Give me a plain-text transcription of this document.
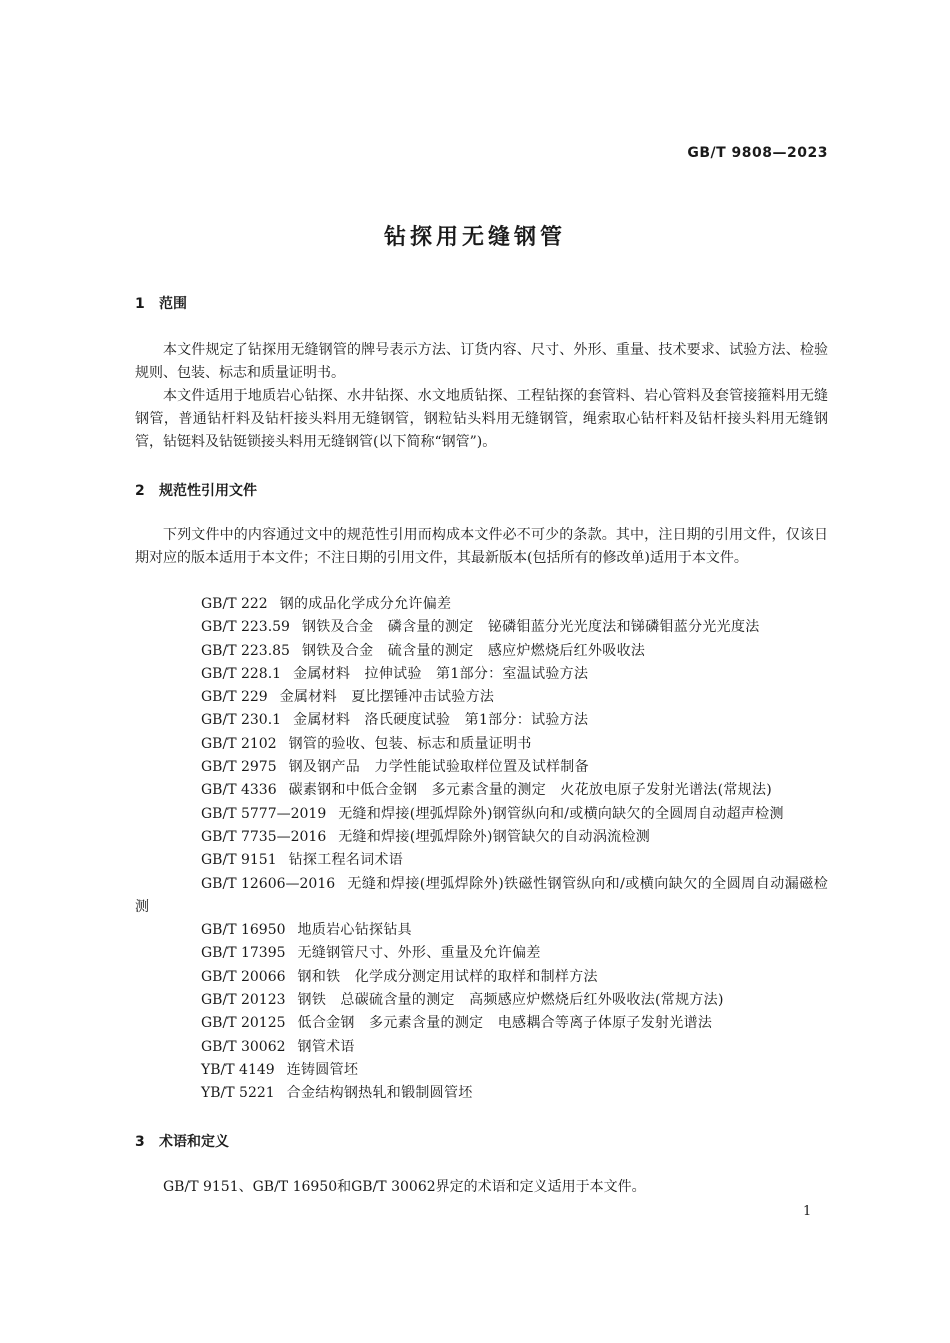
GB/T 9808—2023
钻探用无缝钢管
1 范围

本文件规定了钻探用无缝钢管的牌号表示方法、订货内容、尺寸、外形、重量、技术要求、试验方法、检验规则、包装、标志和质量证明书。

本文件适用于地质岩心钻探、水井钻探、水文地质钻探、工程钻探的套管料、岩心管料及套管接箍料用无缝钢管，普通钻杆料及钻杆接头料用无缝钢管，钢粒钻头料用无缝钢管，绳索取心钻杆料及钻杆接头料用无缝钢管，钻铤料及钻铤锁接头料用无缝钢管(以下简称“钢管”)。

2 规范性引用文件

下列文件中的内容通过文中的规范性引用而构成本文件必不可少的条款。其中，注日期的引用文件，仅该日期对应的版本适用于本文件；不注日期的引用文件，其最新版本(包括所有的修改单)适用于本文件。

GB/T 222 钢的成品化学成分允许偏差
GB/T 223.59 钢铁及合金　磷含量的测定　铋磷钼蓝分光光度法和锑磷钼蓝分光光度法
GB/T 223.85 钢铁及合金　硫含量的测定　感应炉燃烧后红外吸收法
GB/T 228.1 金属材料　拉伸试验　第1部分：室温试验方法
GB/T 229 金属材料　夏比摆锤冲击试验方法
GB/T 230.1 金属材料　洛氏硬度试验　第1部分：试验方法
GB/T 2102 钢管的验收、包装、标志和质量证明书
GB/T 2975 钢及钢产品　力学性能试验取样位置及试样制备
GB/T 4336 碳素钢和中低合金钢　多元素含量的测定　火花放电原子发射光谱法(常规法)
GB/T 5777—2019 无缝和焊接(埋弧焊除外)钢管纵向和/或横向缺欠的全圆周自动超声检测
GB/T 7735—2016 无缝和焊接(埋弧焊除外)钢管缺欠的自动涡流检测
GB/T 9151 钻探工程名词术语
GB/T 12606—2016 无缝和焊接(埋弧焊除外)铁磁性钢管纵向和/或横向缺欠的全圆周自动漏磁检测
GB/T 16950 地质岩心钻探钻具
GB/T 17395 无缝钢管尺寸、外形、重量及允许偏差
GB/T 20066 钢和铁　化学成分测定用试样的取样和制样方法
GB/T 20123 钢铁　总碳硫含量的测定　高频感应炉燃烧后红外吸收法(常规方法)
GB/T 20125 低合金钢　多元素含量的测定　电感耦合等离子体原子发射光谱法
GB/T 30062 钢管术语
YB/T 4149 连铸圆管坯
YB/T 5221 合金结构钢热轧和锻制圆管坯
3 术语和定义

GB/T 9151、GB/T 16950和GB/T 30062界定的术语和定义适用于本文件。

1
